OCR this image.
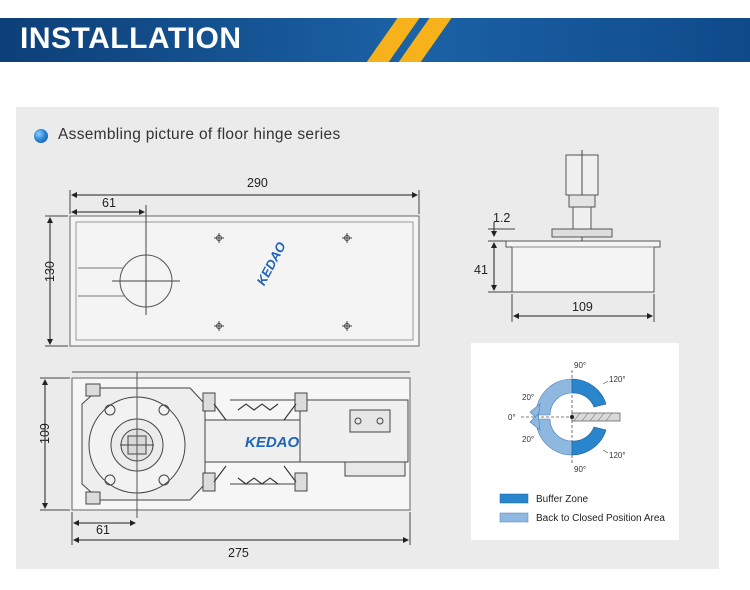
INSTALLATION
Assembling picture of floor hinge series
290
61
130	KEDAO
1.2
41
109
KEDAO
109
61
275
90°
120°
20°
0°
20°
120°
90°
Buffer Zone
Back to Closed Position Area
